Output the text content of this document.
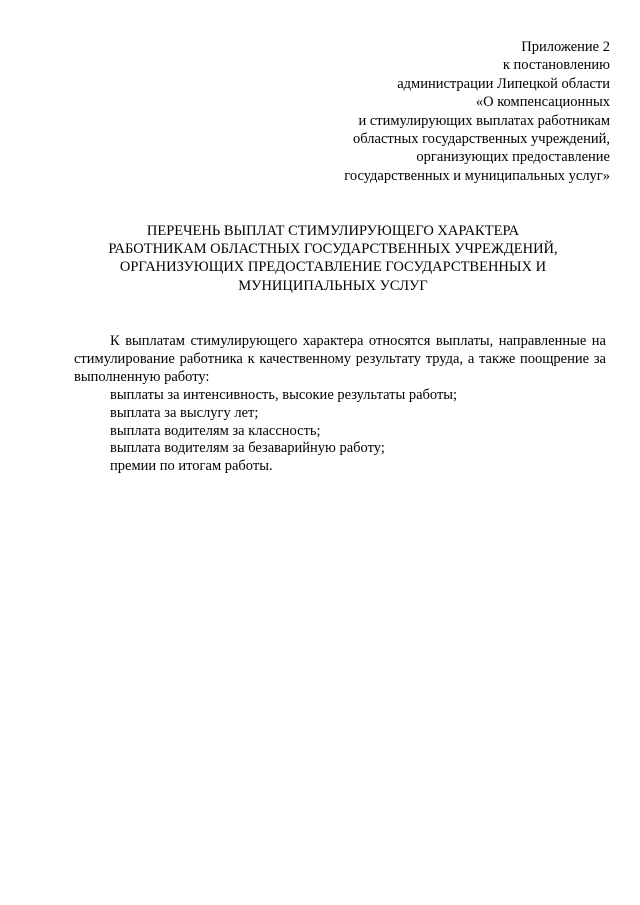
Приложение 2
к постановлению
администрации Липецкой области
«О компенсационных
и стимулирующих выплатах работникам
областных государственных учреждений,
организующих предоставление
государственных и муниципальных услуг»
ПЕРЕЧЕНЬ ВЫПЛАТ СТИМУЛИРУЮЩЕГО ХАРАКТЕРА
РАБОТНИКАМ ОБЛАСТНЫХ ГОСУДАРСТВЕННЫХ УЧРЕЖДЕНИЙ,
ОРГАНИЗУЮЩИХ ПРЕДОСТАВЛЕНИЕ ГОСУДАРСТВЕННЫХ И
МУНИЦИПАЛЬНЫХ УСЛУГ

К выплатам стимулирующего характера относятся выплаты, направленные на стимулирование работника к качественному результату труда, а также поощрение за выполненную работу:

выплаты за интенсивность, высокие результаты работы;
выплата за выслугу лет;
выплата водителям за классность;
выплата водителям за безаварийную работу;
премии по итогам работы.
